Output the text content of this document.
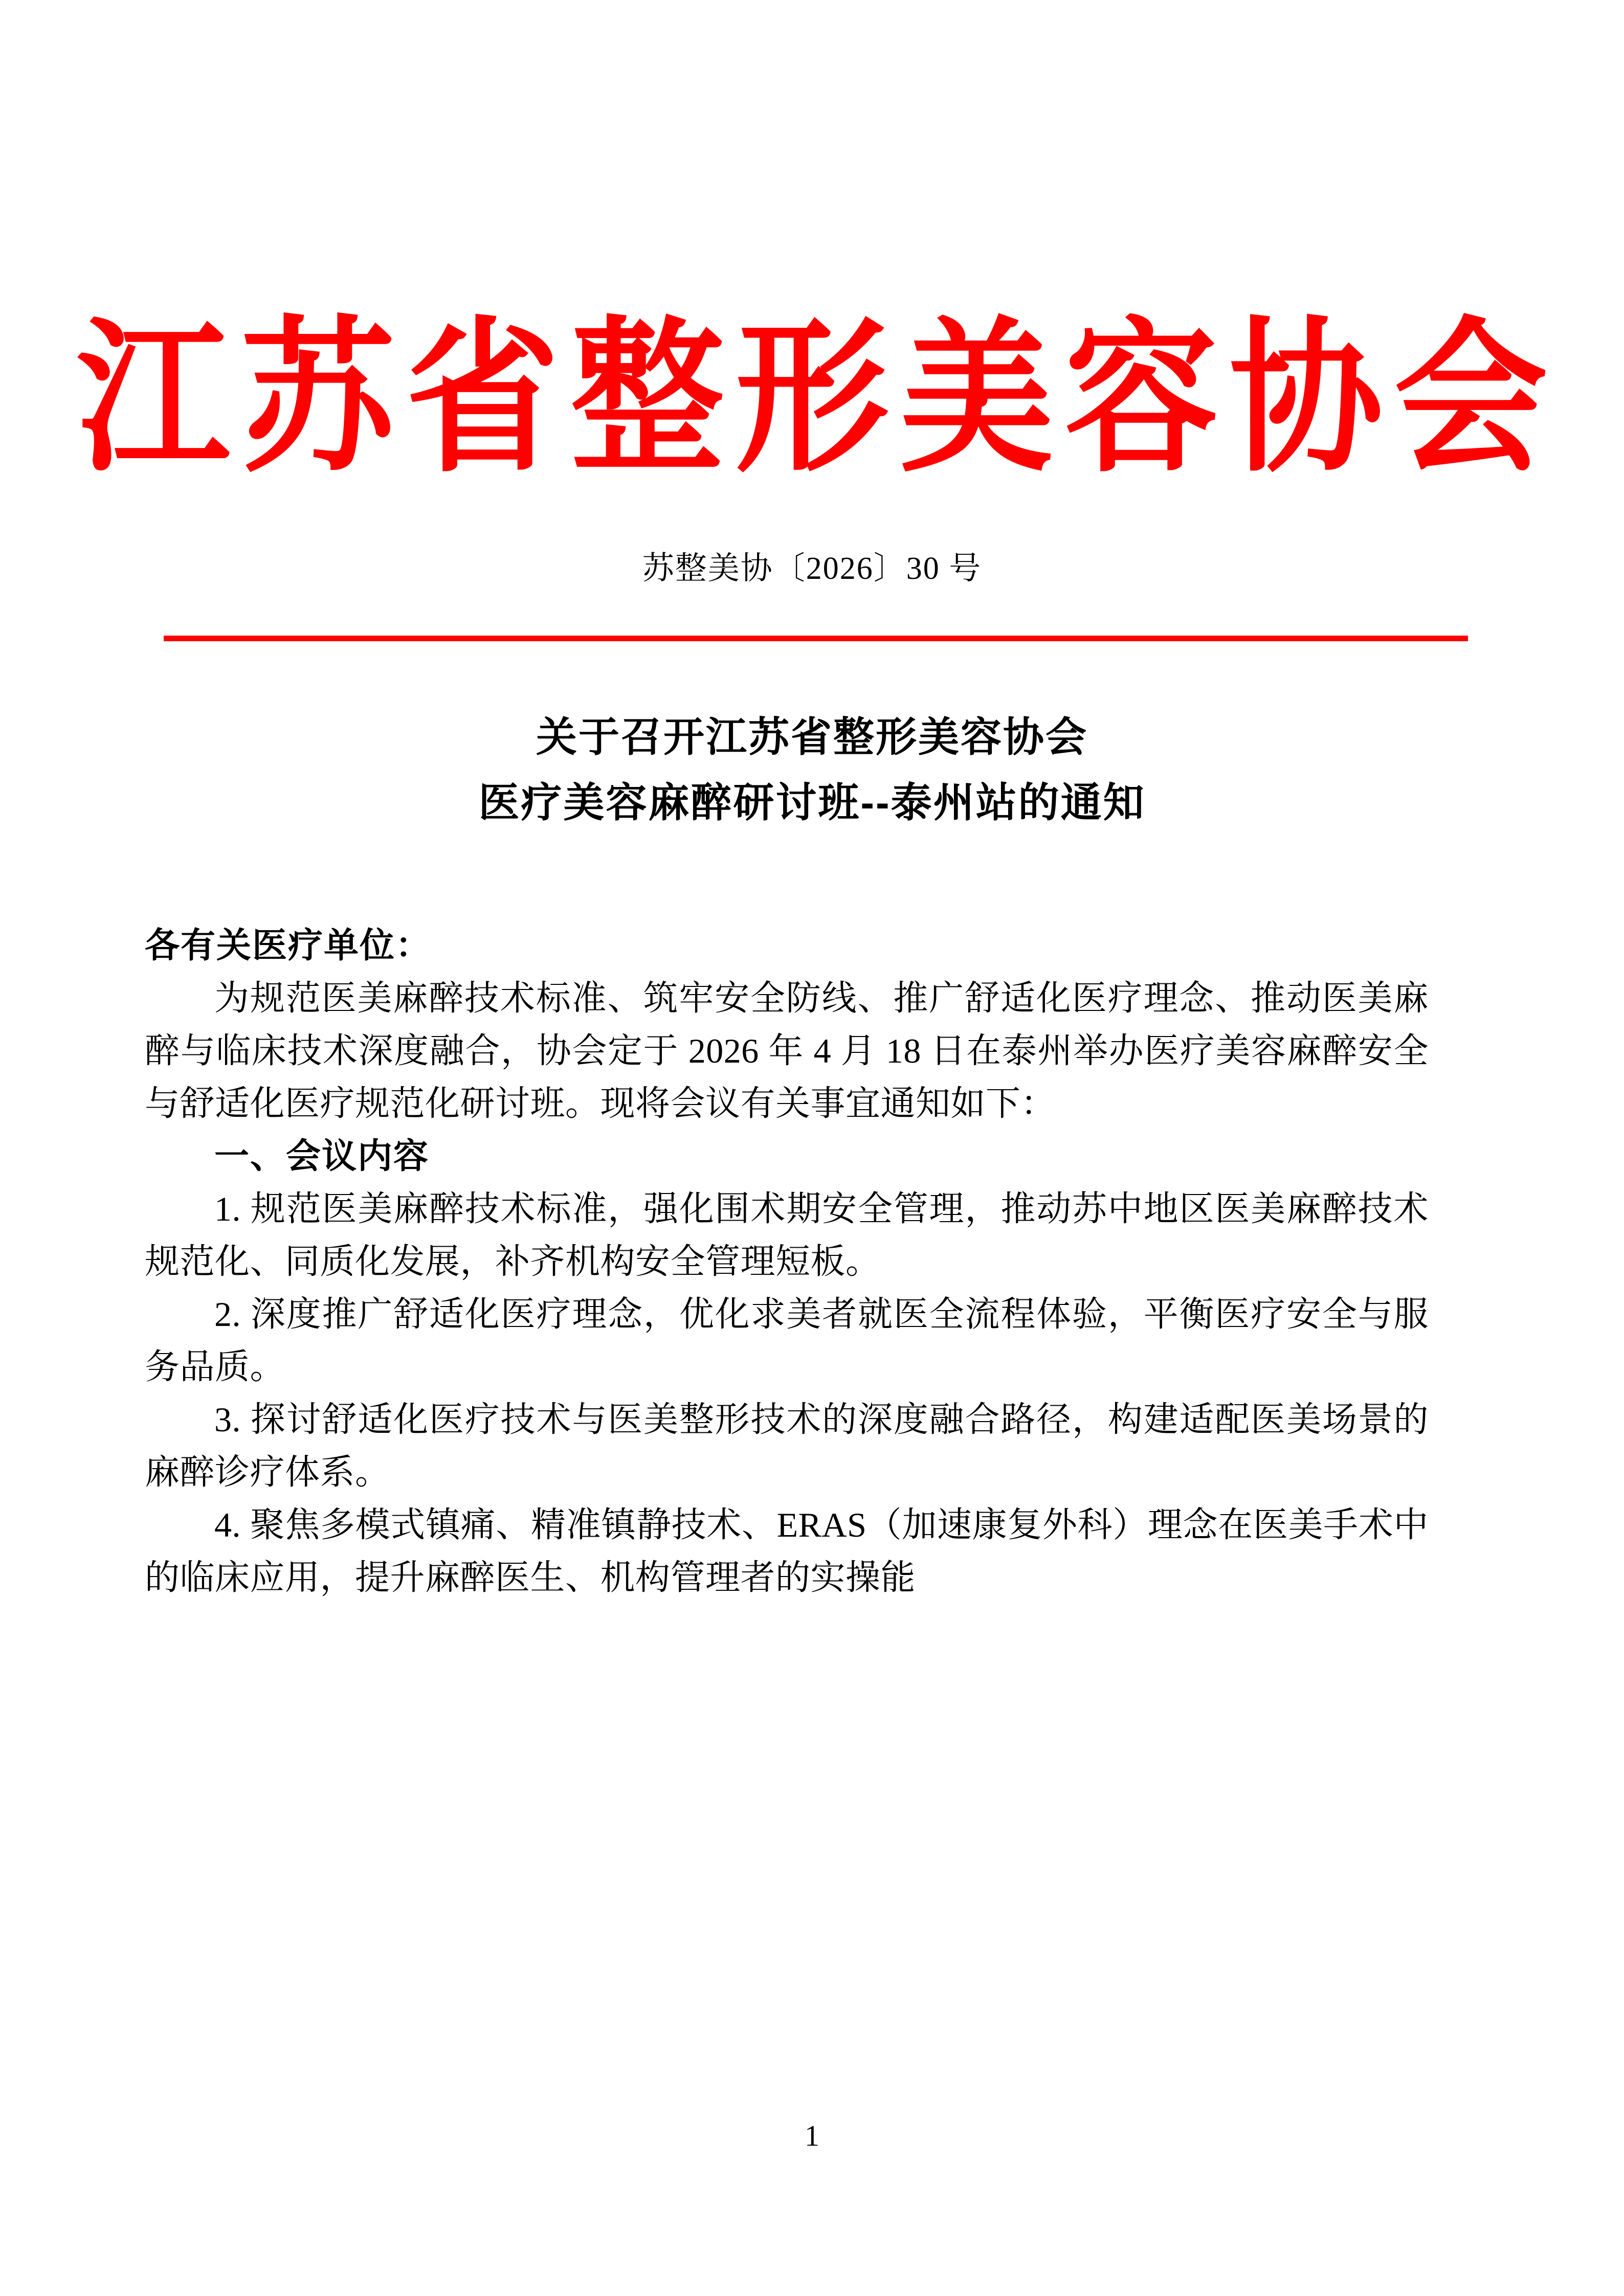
江苏省整形美容协会
苏整美协〔2026〕30 号
关于召开江苏省整形美容协会
医疗美容麻醉研讨班--泰州站的通知

各有关医疗单位：

为规范医美麻醉技术标准、筑牢安全防线、推广舒适化医疗理念、推动医美麻醉与临床技术深度融合，协会定于 2026 年 4 月 18 日在泰州举办医疗美容麻醉安全与舒适化医疗规范化研讨班。现将会议有关事宜通知如下：

一、会议内容

1. 规范医美麻醉技术标准，强化围术期安全管理，推动苏中地区医美麻醉技术规范化、同质化发展，补齐机构安全管理短板。

2. 深度推广舒适化医疗理念，优化求美者就医全流程体验，平衡医疗安全与服务品质。

3. 探讨舒适化医疗技术与医美整形技术的深度融合路径，构建适配医美场景的麻醉诊疗体系。

4. 聚焦多模式镇痛、精准镇静技术、ERAS（加速康复外科）理念在医美手术中的临床应用，提升麻醉医生、机构管理者的实操能

1
